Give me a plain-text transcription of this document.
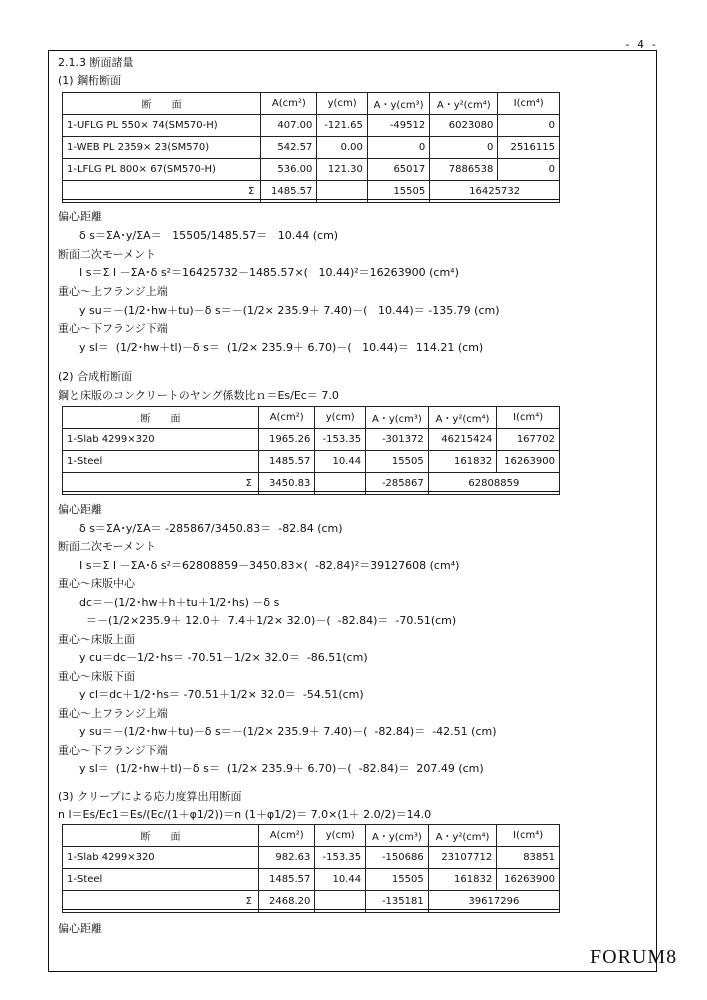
- 4 -
2.1.3 断面諸量
(1) 鋼桁断面
断　　面	A(cm²)	y(cm)	A・y(cm³)	A・y²(cm⁴)	I(cm⁴)
1-UFLG PL 550× 74(SM570-H)	407.00	-121.65	-49512	6023080	0
1-WEB PL 2359× 23(SM570)	542.57	0.00	0	0	2516115
1-LFLG PL 800× 67(SM570-H)	536.00	121.30	65017	7886538	0
Σ	1485.57		15505	16425732	
偏心距離
δ s＝ΣA･y/ΣA＝   15505/1485.57＝   10.44 (cm)
断面二次モーメント
I s＝Σ I －ΣA･δ s²＝16425732－1485.57×(   10.44)²＝16263900 (cm⁴)
重心～上フランジ上端
y su＝－(1/2･hw＋tu)－δ s＝－(1/2× 235.9＋ 7.40)－(   10.44)＝ -135.79 (cm)
重心～下フランジ下端
y sl＝  (1/2･hw＋tl)－δ s＝  (1/2× 235.9＋ 6.70)－(   10.44)＝  114.21 (cm)
(2) 合成桁断面
鋼と床版のコンクリートのヤング係数比ｎ＝Es/Ec＝ 7.0
断　　面	A(cm²)	y(cm)	A・y(cm³)	A・y²(cm⁴)	I(cm⁴)
1-Slab 4299×320	1965.26	-153.35	-301372	46215424	167702
1-Steel	1485.57	10.44	15505	161832	16263900
Σ	3450.83		-285867	62808859	
偏心距離
δ s＝ΣA･y/ΣA＝ -285867/3450.83＝  -82.84 (cm)
断面二次モーメント
I s＝Σ I －ΣA･δ s²＝62808859－3450.83×(  -82.84)²＝39127608 (cm⁴)
重心～床版中心
dc＝－(1/2･hw＋h＋tu＋1/2･hs) －δ s
＝－(1/2×235.9＋ 12.0＋  7.4＋1/2× 32.0)－(  -82.84)＝  -70.51(cm)
重心～床版上面
y cu＝dc－1/2･hs＝ -70.51－1/2× 32.0＝  -86.51(cm)
重心～床版下面
y cl＝dc＋1/2･hs＝ -70.51＋1/2× 32.0＝  -54.51(cm)
重心～上フランジ上端
y su＝－(1/2･hw＋tu)－δ s＝－(1/2× 235.9＋ 7.40)－(  -82.84)＝  -42.51 (cm)
重心～下フランジ下端
y sl＝  (1/2･hw＋tl)－δ s＝  (1/2× 235.9＋ 6.70)－(  -82.84)＝  207.49 (cm)
(3) クリープによる応力度算出用断面
n l＝Es/Ec1＝Es/(Ec/(1＋φ1/2))＝n (1＋φ1/2)＝ 7.0×(1＋ 2.0/2)＝14.0
断　　面	A(cm²)	y(cm)	A・y(cm³)	A・y²(cm⁴)	I(cm⁴)
1-Slab 4299×320	982.63	-153.35	-150686	23107712	83851
1-Steel	1485.57	10.44	15505	161832	16263900
Σ	2468.20		-135181	39617296	
偏心距離
FORUM8
